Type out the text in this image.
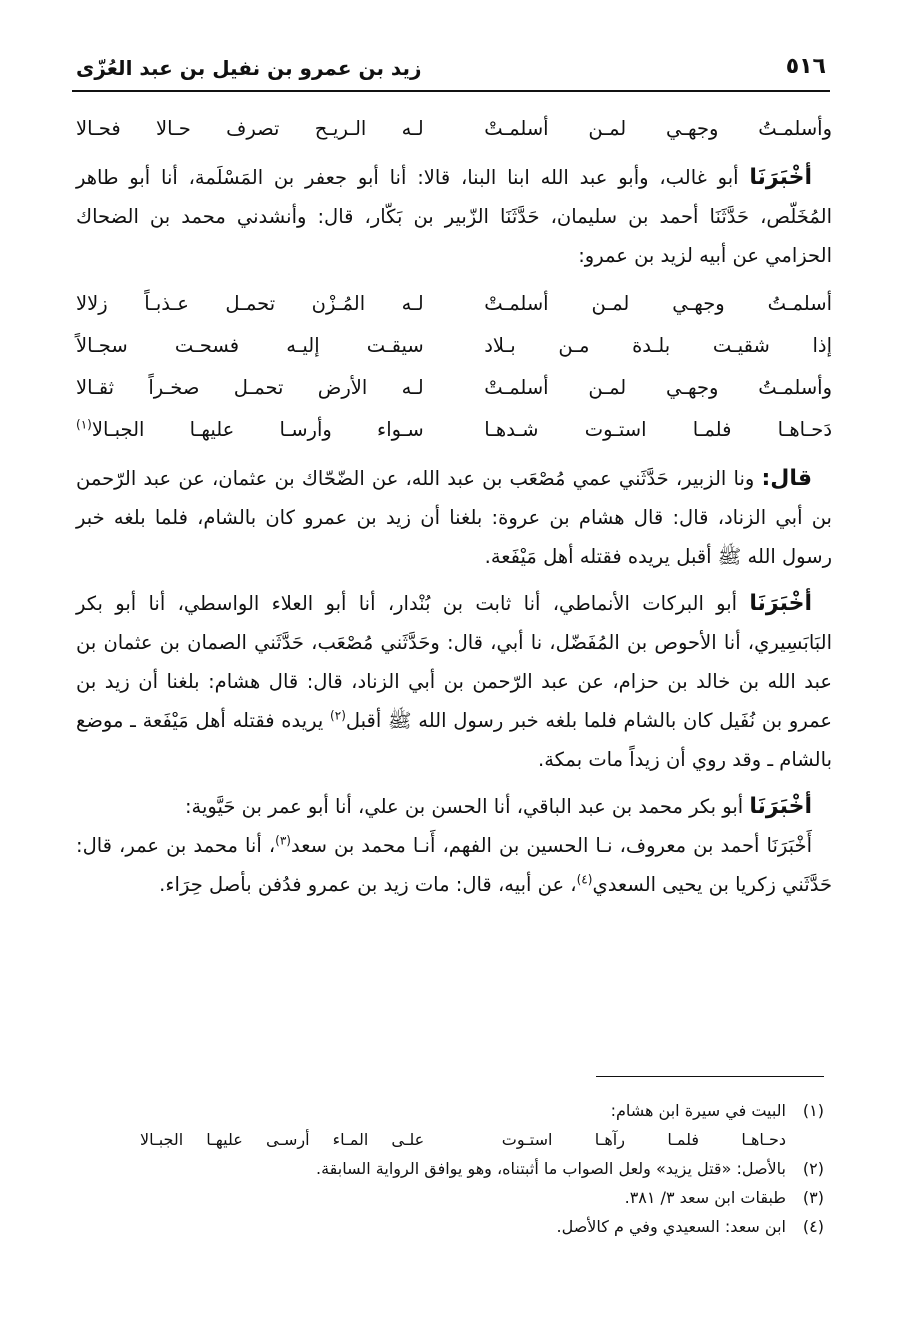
٥١٦
زيد بن عمرو بن نفيل بن عبد العُزّى
وأسلمـتُ وجهـي لمـن أسلمـتْ
لـه الـريـح تصرف حـالا فحـالا

أخْبَرَنَا أبو غالب، وأبو عبد الله ابنا البنا، قالا: أنا أبو جعفر بن المَسْلَمة، أنا أبو طاهر المُخَلّص، حَدَّثَنَا أحمد بن سليمان، حَدَّثَنَا الزّبير بن بَكّار، قال: وأنشدني محمد بن الضحاك الحزامي عن أبيه لزيد بن عمرو:

أسلمـتُ وجهـي لمـن أسلمـتْ
لـه المُـزْن تحمـل عـذبـاً زلالا
إذا شقيـت بلـدة مـن بـلاد
سيقـت إليـه فسحـت سجـالاً
وأسلمـتُ وجهـي لمـن أسلمـتْ
لـه الأرض تحمـل صخـراً ثقـالا
دَحـاهـا فلمـا استـوت شـدهـا
سـواء وأرسـا عليهـا الجبـالا$^{(١)}$

قال: ونا الزبير، حَدَّثَني عمي مُصْعَب بن عبد الله، عن الضّحّاك بن عثمان، عن عبد الرّحمن بن أبي الزناد، قال: قال هشام بن عروة: بلغنا أن زيد بن عمرو كان بالشام، فلما بلغه خبر رسول الله ﷺ أقبل يريده فقتله أهل مَيْفَعة.

أخْبَرَنَا أبو البركات الأنماطي، أنا ثابت بن بُنْدار، أنا أبو العلاء الواسطي، أنا أبو بكر البَابَسِيري، أنا الأحوص بن المُفَضّل، نا أبي، قال: وحَدَّثَني مُصْعَب، حَدَّثَني الصمان بن عثمان بن عبد الله بن خالد بن حزام، عن عبد الرّحمن بن أبي الزناد، قال: قال هشام: بلغنا أن زيد بن عمرو بن نُفَيل كان بالشام فلما بلغه خبر رسول الله ﷺ أقبل$^{(٢)}$ يريده فقتله أهل مَيْفَعة ـ موضع بالشام ـ وقد روي أن زيداً مات بمكة.

أخْبَرَنَا أبو بكر محمد بن عبد الباقي، أنا الحسن بن علي، أنا أبو عمر بن حَيَّوية:

أَخْبَرَنَا أحمد بن معروف، نـا الحسين بن الفهم، أَنـا محمد بن سعد$^{(٣)}$، أنا محمد بن عمر، قال: حَدَّثَني زكريا بن يحيى السعدي$^{(٤)}$، عن أبيه، قال: مات زيد بن عمرو فدُفن بأصل حِرَاء.

(١)
البيت في سيرة ابن هشام:
دحـاهـا فلمـا رآهـا استـوت
علـى المـاء أرسـى عليهـا الجبـالا
(٢)
بالأصل: «قتل يزيد» ولعل الصواب ما أثبتناه، وهو يوافق الرواية السابقة.
(٣)
طبقات ابن سعد ٣/ ٣٨١.
(٤)
ابن سعد: السعيدي وفي م كالأصل.
